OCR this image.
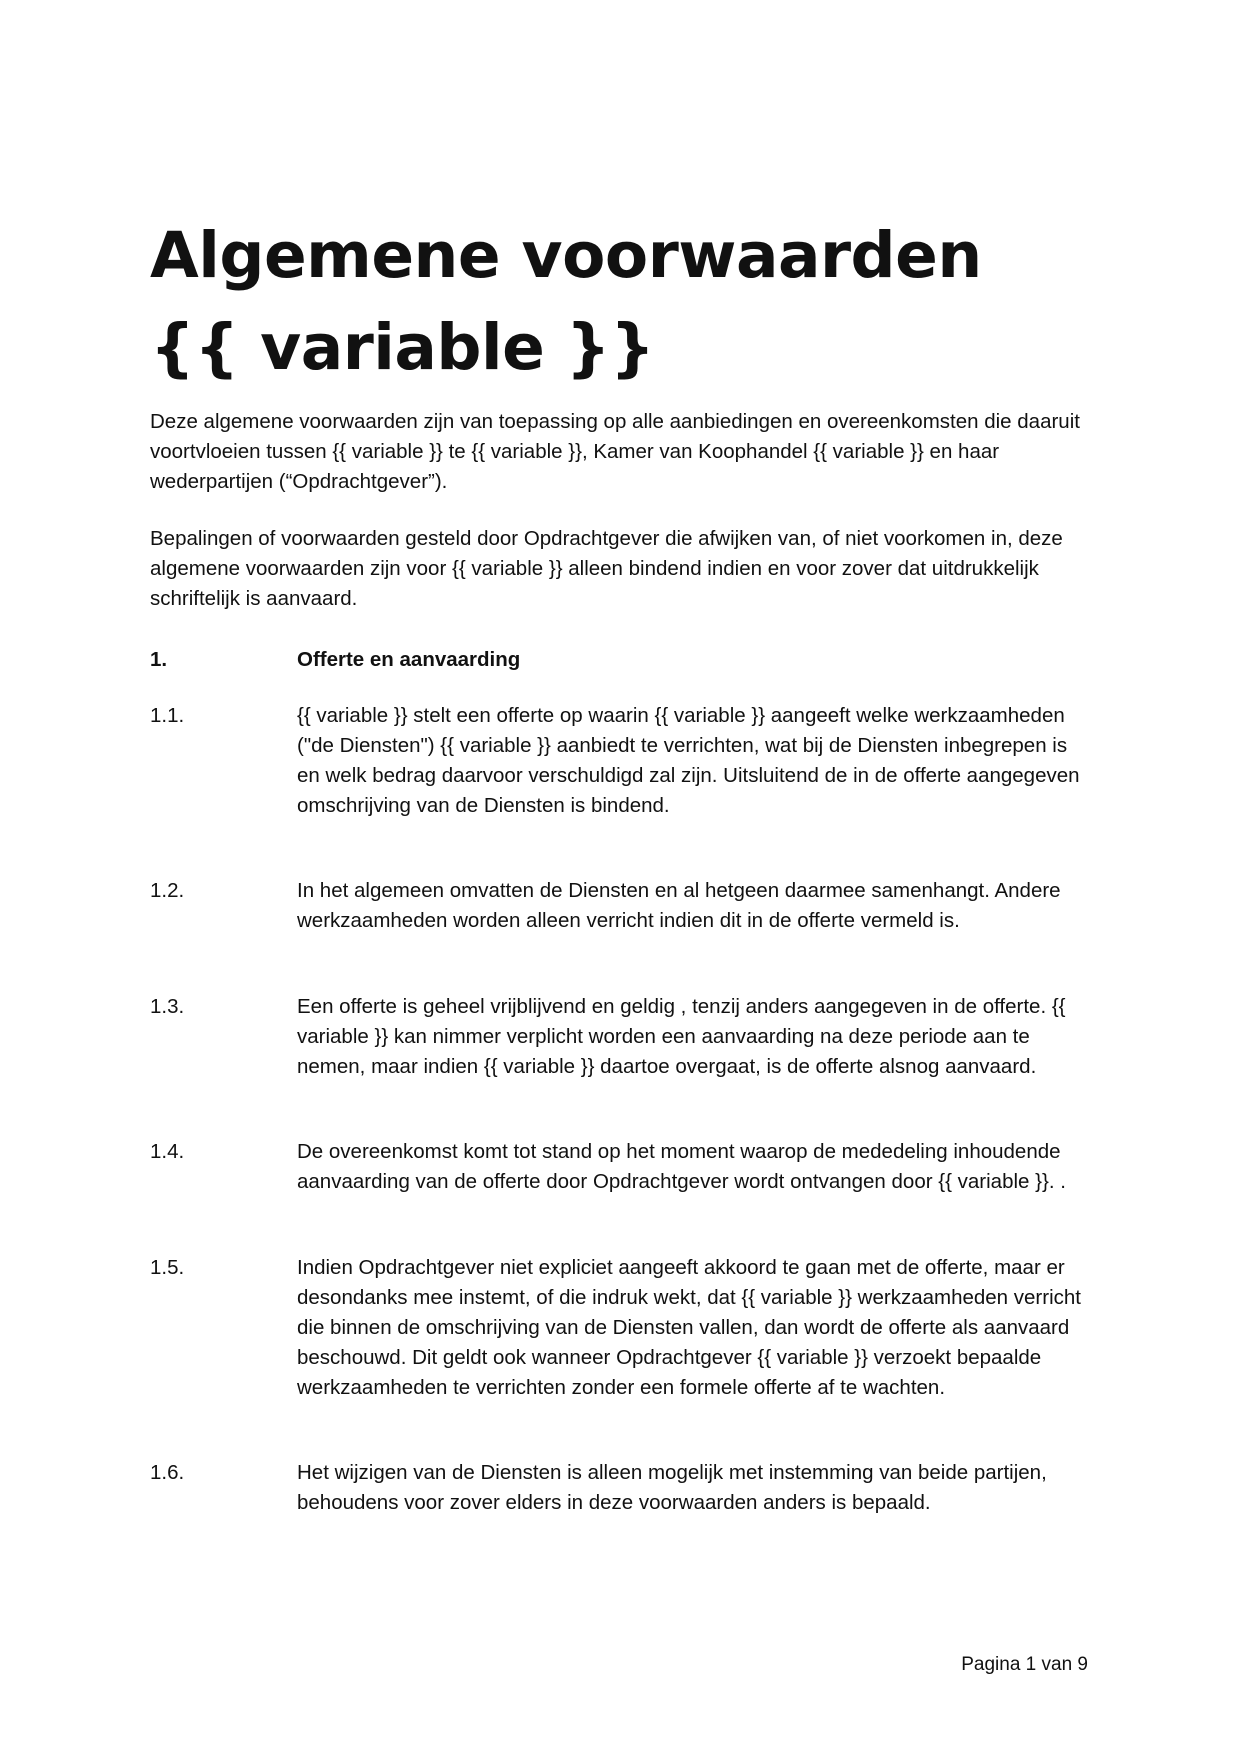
Algemene voorwaarden
{{ variable }}

Deze algemene voorwaarden zijn van toepassing op alle aanbiedingen en overeenkomsten die daaruit voortvloeien tussen {{ variable }} te {{ variable }}, Kamer van Koophandel {{ variable }} en haar wederpartijen (“Opdrachtgever”).

Bepalingen of voorwaarden gesteld door Opdrachtgever die afwijken van, of niet voorkomen in, deze algemene voorwaarden zijn voor {{ variable }} alleen bindend indien en voor zover dat uitdrukkelijk schriftelijk is aanvaard.

1.	Offerte en aanvaarding
1.1.	{{ variable }} stelt een offerte op waarin {{ variable }} aangeeft welke werkzaamheden ("de Diensten") {{ variable }} aanbiedt te verrichten, wat bij de Diensten inbegrepen is en welk bedrag daarvoor verschuldigd zal zijn. Uitsluitend de in de offerte aangegeven omschrijving van de Diensten is bindend.
1.2.	In het algemeen omvatten de Diensten en al hetgeen daarmee samenhangt. Andere werkzaamheden worden alleen verricht indien dit in de offerte vermeld is.
1.3.	Een offerte is geheel vrijblijvend en geldig , tenzij anders aangegeven in de offerte. {{ variable }} kan nimmer verplicht worden een aanvaarding na deze periode aan te nemen, maar indien {{ variable }} daartoe overgaat, is de offerte alsnog aanvaard.
1.4.	De overeenkomst komt tot stand op het moment waarop de mededeling inhoudende aanvaarding van de offerte door Opdrachtgever wordt ontvangen door {{ variable }}. .
1.5.	Indien Opdrachtgever niet expliciet aangeeft akkoord te gaan met de offerte, maar er desondanks mee instemt, of die indruk wekt, dat {{ variable }} werkzaamheden verricht die binnen de omschrijving van de Diensten vallen, dan wordt de offerte als aanvaard beschouwd. Dit geldt ook wanneer Opdrachtgever {{ variable }} verzoekt bepaalde werkzaamheden te verrichten zonder een formele offerte af te wachten.
1.6.	Het wijzigen van de Diensten is alleen mogelijk met instemming van beide partijen, behoudens voor zover elders in deze voorwaarden anders is bepaald.
Pagina 1 van 9
